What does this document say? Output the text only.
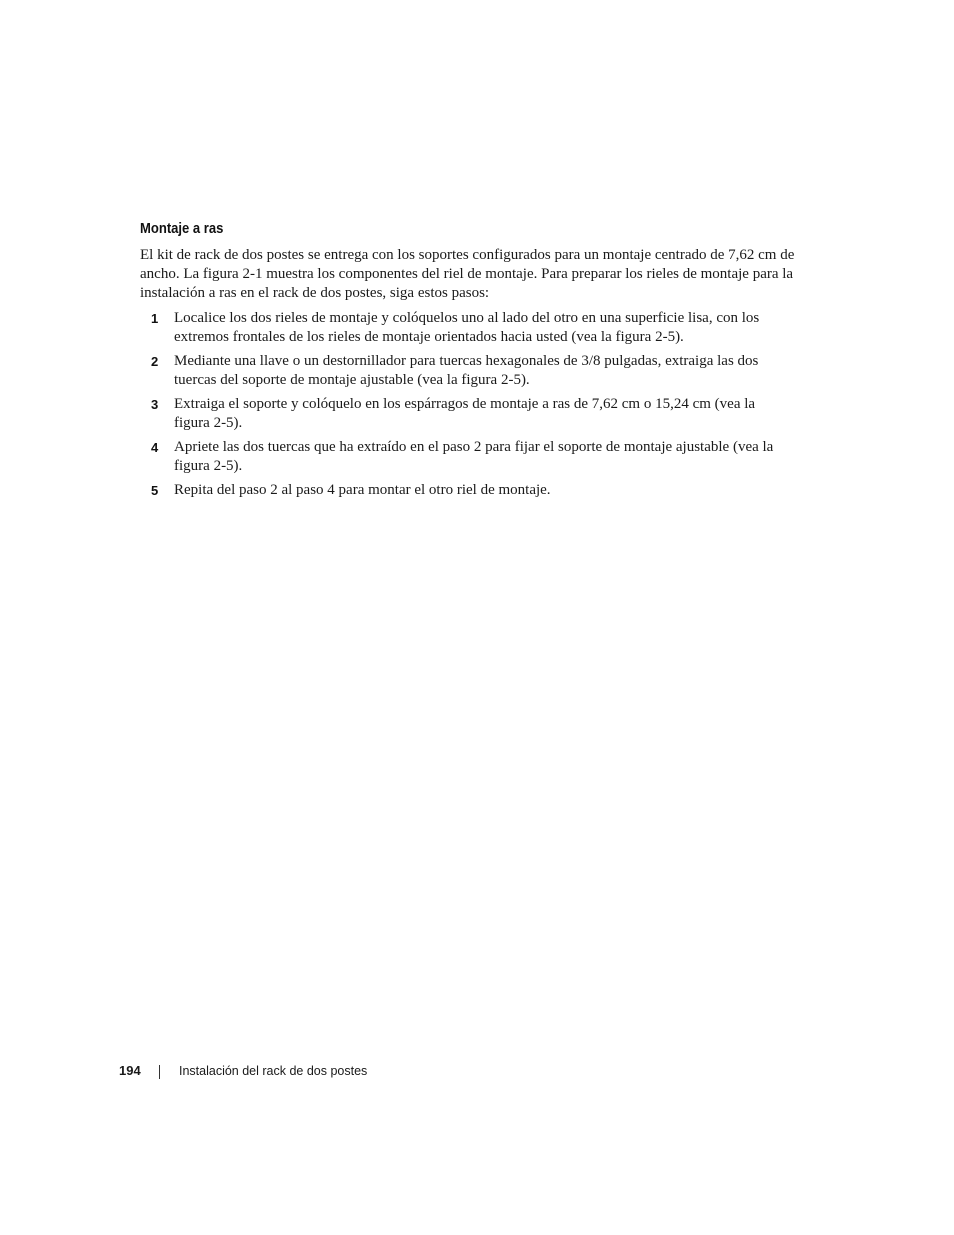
Montaje a ras

El kit de rack de dos postes se entrega con los soportes configurados para un montaje centrado de 7,62 cm de ancho. La figura 2-1 muestra los componentes del riel de montaje. Para preparar los rieles de montaje para la instalación a ras en el rack de dos postes, siga estos pasos:

1 Localice los dos rieles de montaje y colóquelos uno al lado del otro en una superficie lisa, con los extremos frontales de los rieles de montaje orientados hacia usted (vea la figura 2-5).
2 Mediante una llave o un destornillador para tuercas hexagonales de 3/8 pulgadas, extraiga las dos tuercas del soporte de montaje ajustable (vea la figura 2-5).
3 Extraiga el soporte y colóquelo en los espárragos de montaje a ras de 7,62 cm o 15,24 cm (vea la figura 2-5).
4 Apriete las dos tuercas que ha extraído en el paso 2 para fijar el soporte de montaje ajustable (vea la figura 2-5).
5 Repita del paso 2 al paso 4 para montar el otro riel de montaje.
194	Instalación del rack de dos postes
